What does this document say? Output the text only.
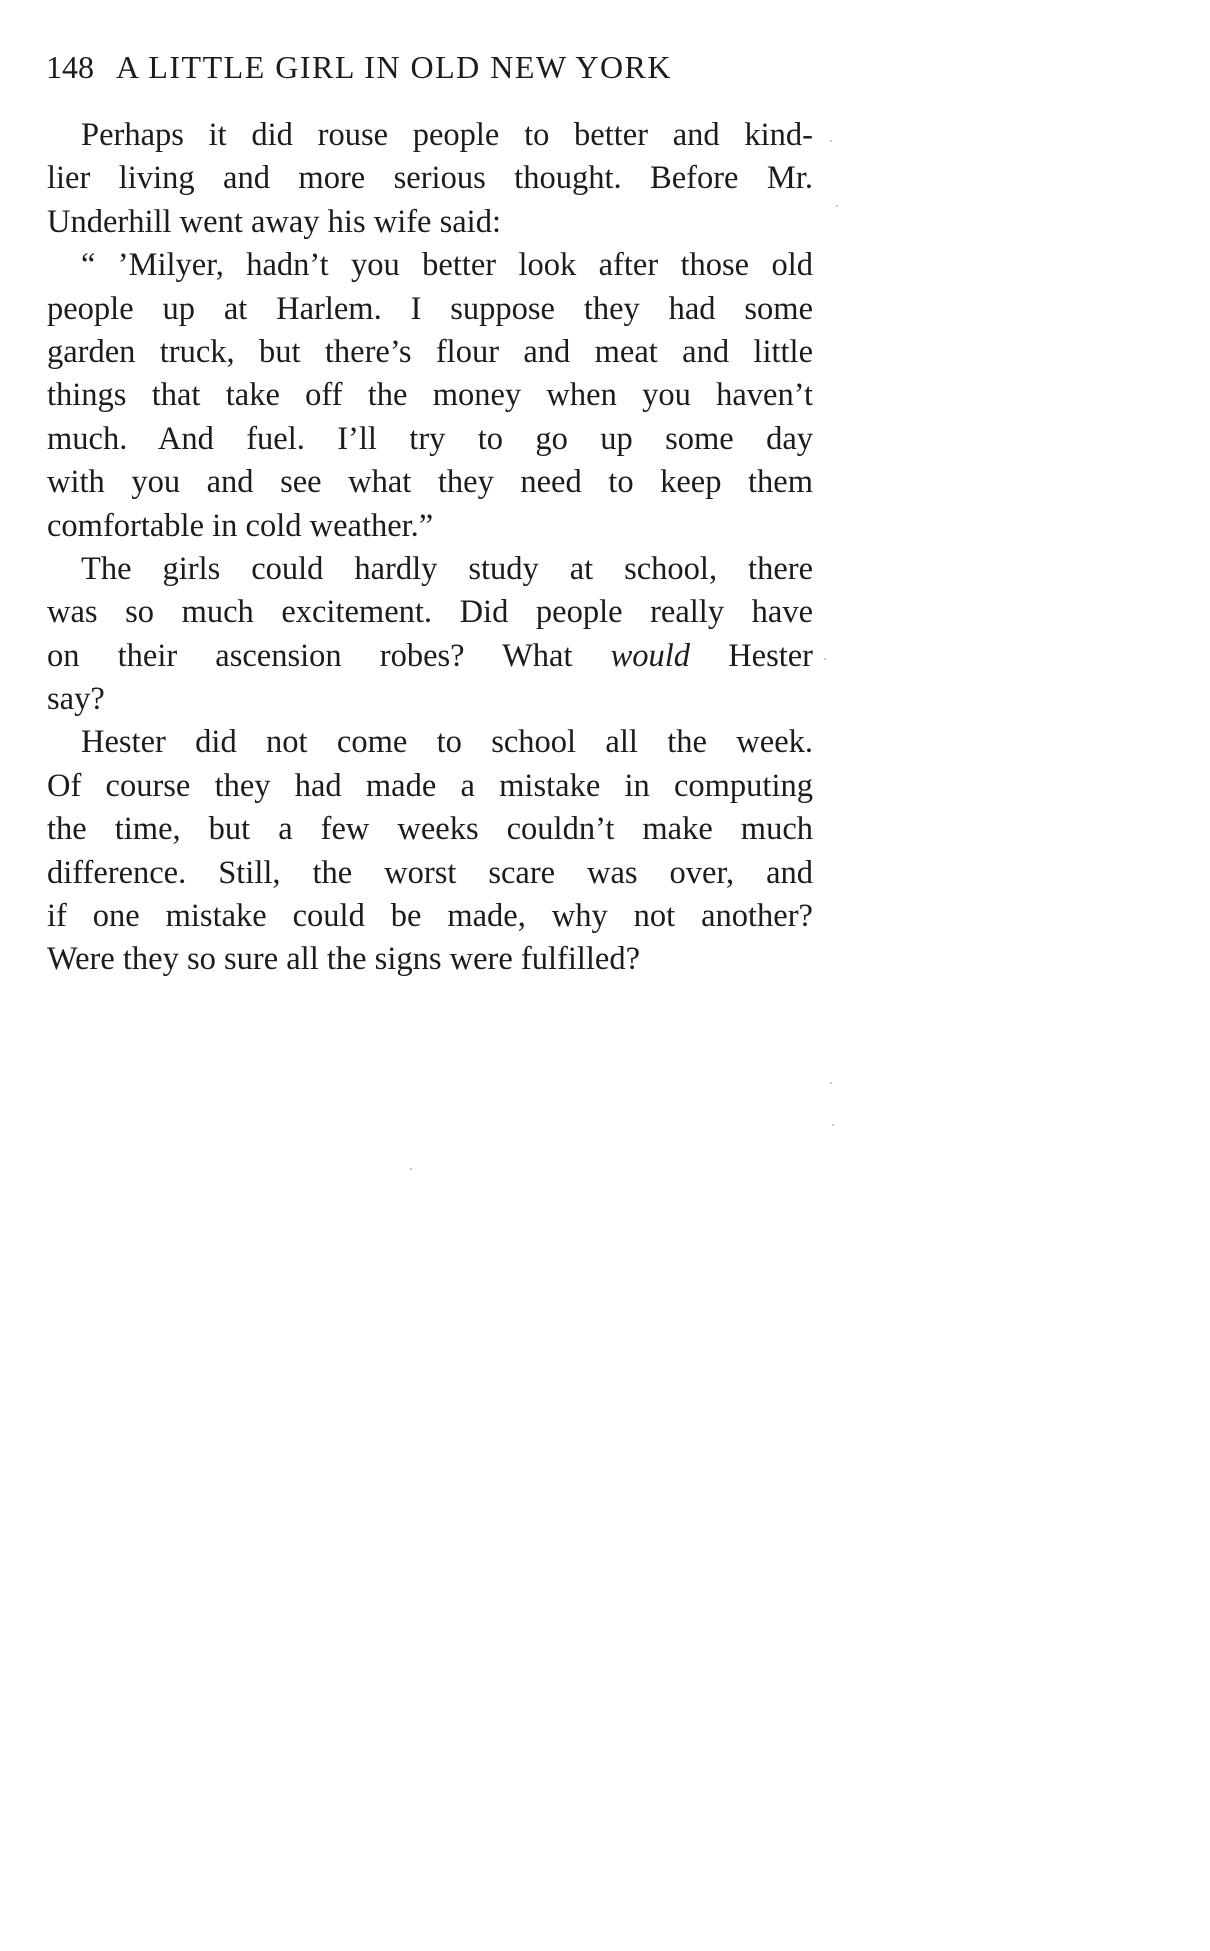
148 A LITTLE GIRL IN OLD NEW YORK
Perhaps it did rouse people to better and kind-
lier living and more serious thought. Before Mr.
Underhill went away his wife said:
“ ’Milyer, hadn’t you better look after those old
people up at Harlem. I suppose they had some
garden truck, but there’s flour and meat and little
things that take off the money when you haven’t
much. And fuel. I’ll try to go up some day
with you and see what they need to keep them
comfortable in cold weather.”
The girls could hardly study at school, there
was so much excitement. Did people really have
on their ascension robes? What would Hester
say?
Hester did not come to school all the week.
Of course they had made a mistake in computing
the time, but a few weeks couldn’t make much
difference. Still, the worst scare was over, and
if one mistake could be made, why not another?
Were they so sure all the signs were fulfilled?
